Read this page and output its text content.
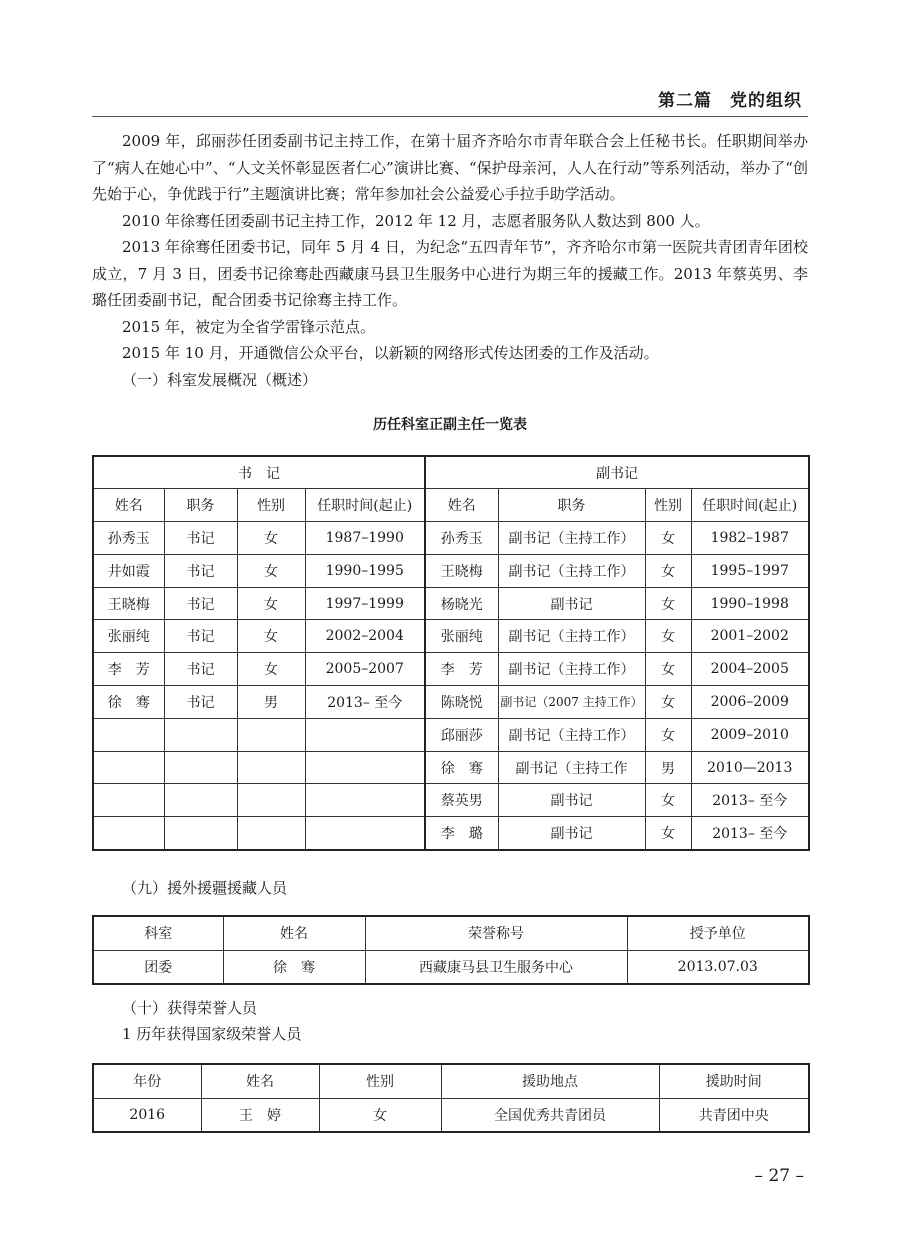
第二篇　党的组织

2009 年，邱丽莎任团委副书记主持工作，在第十届齐齐哈尔市青年联合会上任秘书长。任职期间举办了“病人在她心中”、“人文关怀彰显医者仁心”演讲比赛、“保护母亲河，人人在行动”等系列活动，举办了“创先始于心，争优践于行”主题演讲比赛；常年参加社会公益爱心手拉手助学活动。

2010 年徐骞任团委副书记主持工作，2012 年 12 月，志愿者服务队人数达到 800 人。

2013 年徐骞任团委书记，同年 5 月 4 日，为纪念“五四青年节”，齐齐哈尔市第一医院共青团青年团校成立，7 月 3 日，团委书记徐骞赴西藏康马县卫生服务中心进行为期三年的援藏工作。2013 年蔡英男、李璐任团委副书记，配合团委书记徐骞主持工作。

2015 年，被定为全省学雷锋示范点。

2015 年 10 月，开通微信公众平台，以新颖的网络形式传达团委的工作及活动。

（一）科室发展概况（概述）
历任科室正副主任一览表
书　记				副书记			
姓名	职务	性别	任职时间(起止)	姓名	职务	性别	任职时间(起止)
孙秀玉	书记	女	1987–1990	孙秀玉	副书记（主持工作）	女	1982–1987
井如霞	书记	女	1990–1995	王晓梅	副书记（主持工作）	女	1995–1997
王晓梅	书记	女	1997–1999	杨晓光	副书记	女	1990–1998
张丽纯	书记	女	2002–2004	张丽纯	副书记（主持工作）	女	2001–2002
李　芳	书记	女	2005–2007	李　芳	副书记（主持工作）	女	2004–2005
徐　骞	书记	男	2013– 至今	陈晓悦	副书记（2007 主持工作）	女	2006–2009
				邱丽莎	副书记（主持工作）	女	2009–2010
				徐　骞	副书记（主持工作	男	2010—2013
				蔡英男	副书记	女	2013– 至今
				李　璐	副书记	女	2013– 至今
（九）援外援疆援藏人员
科室	姓名	荣誉称号	授予单位
团委	徐　骞	西藏康马县卫生服务中心	2013.07.03
（十）获得荣誉人员
1 历年获得国家级荣誉人员
年份	姓名	性别	援助地点	援助时间
2016	王　婷	女	全国优秀共青团员	共青团中央
– 27 –
